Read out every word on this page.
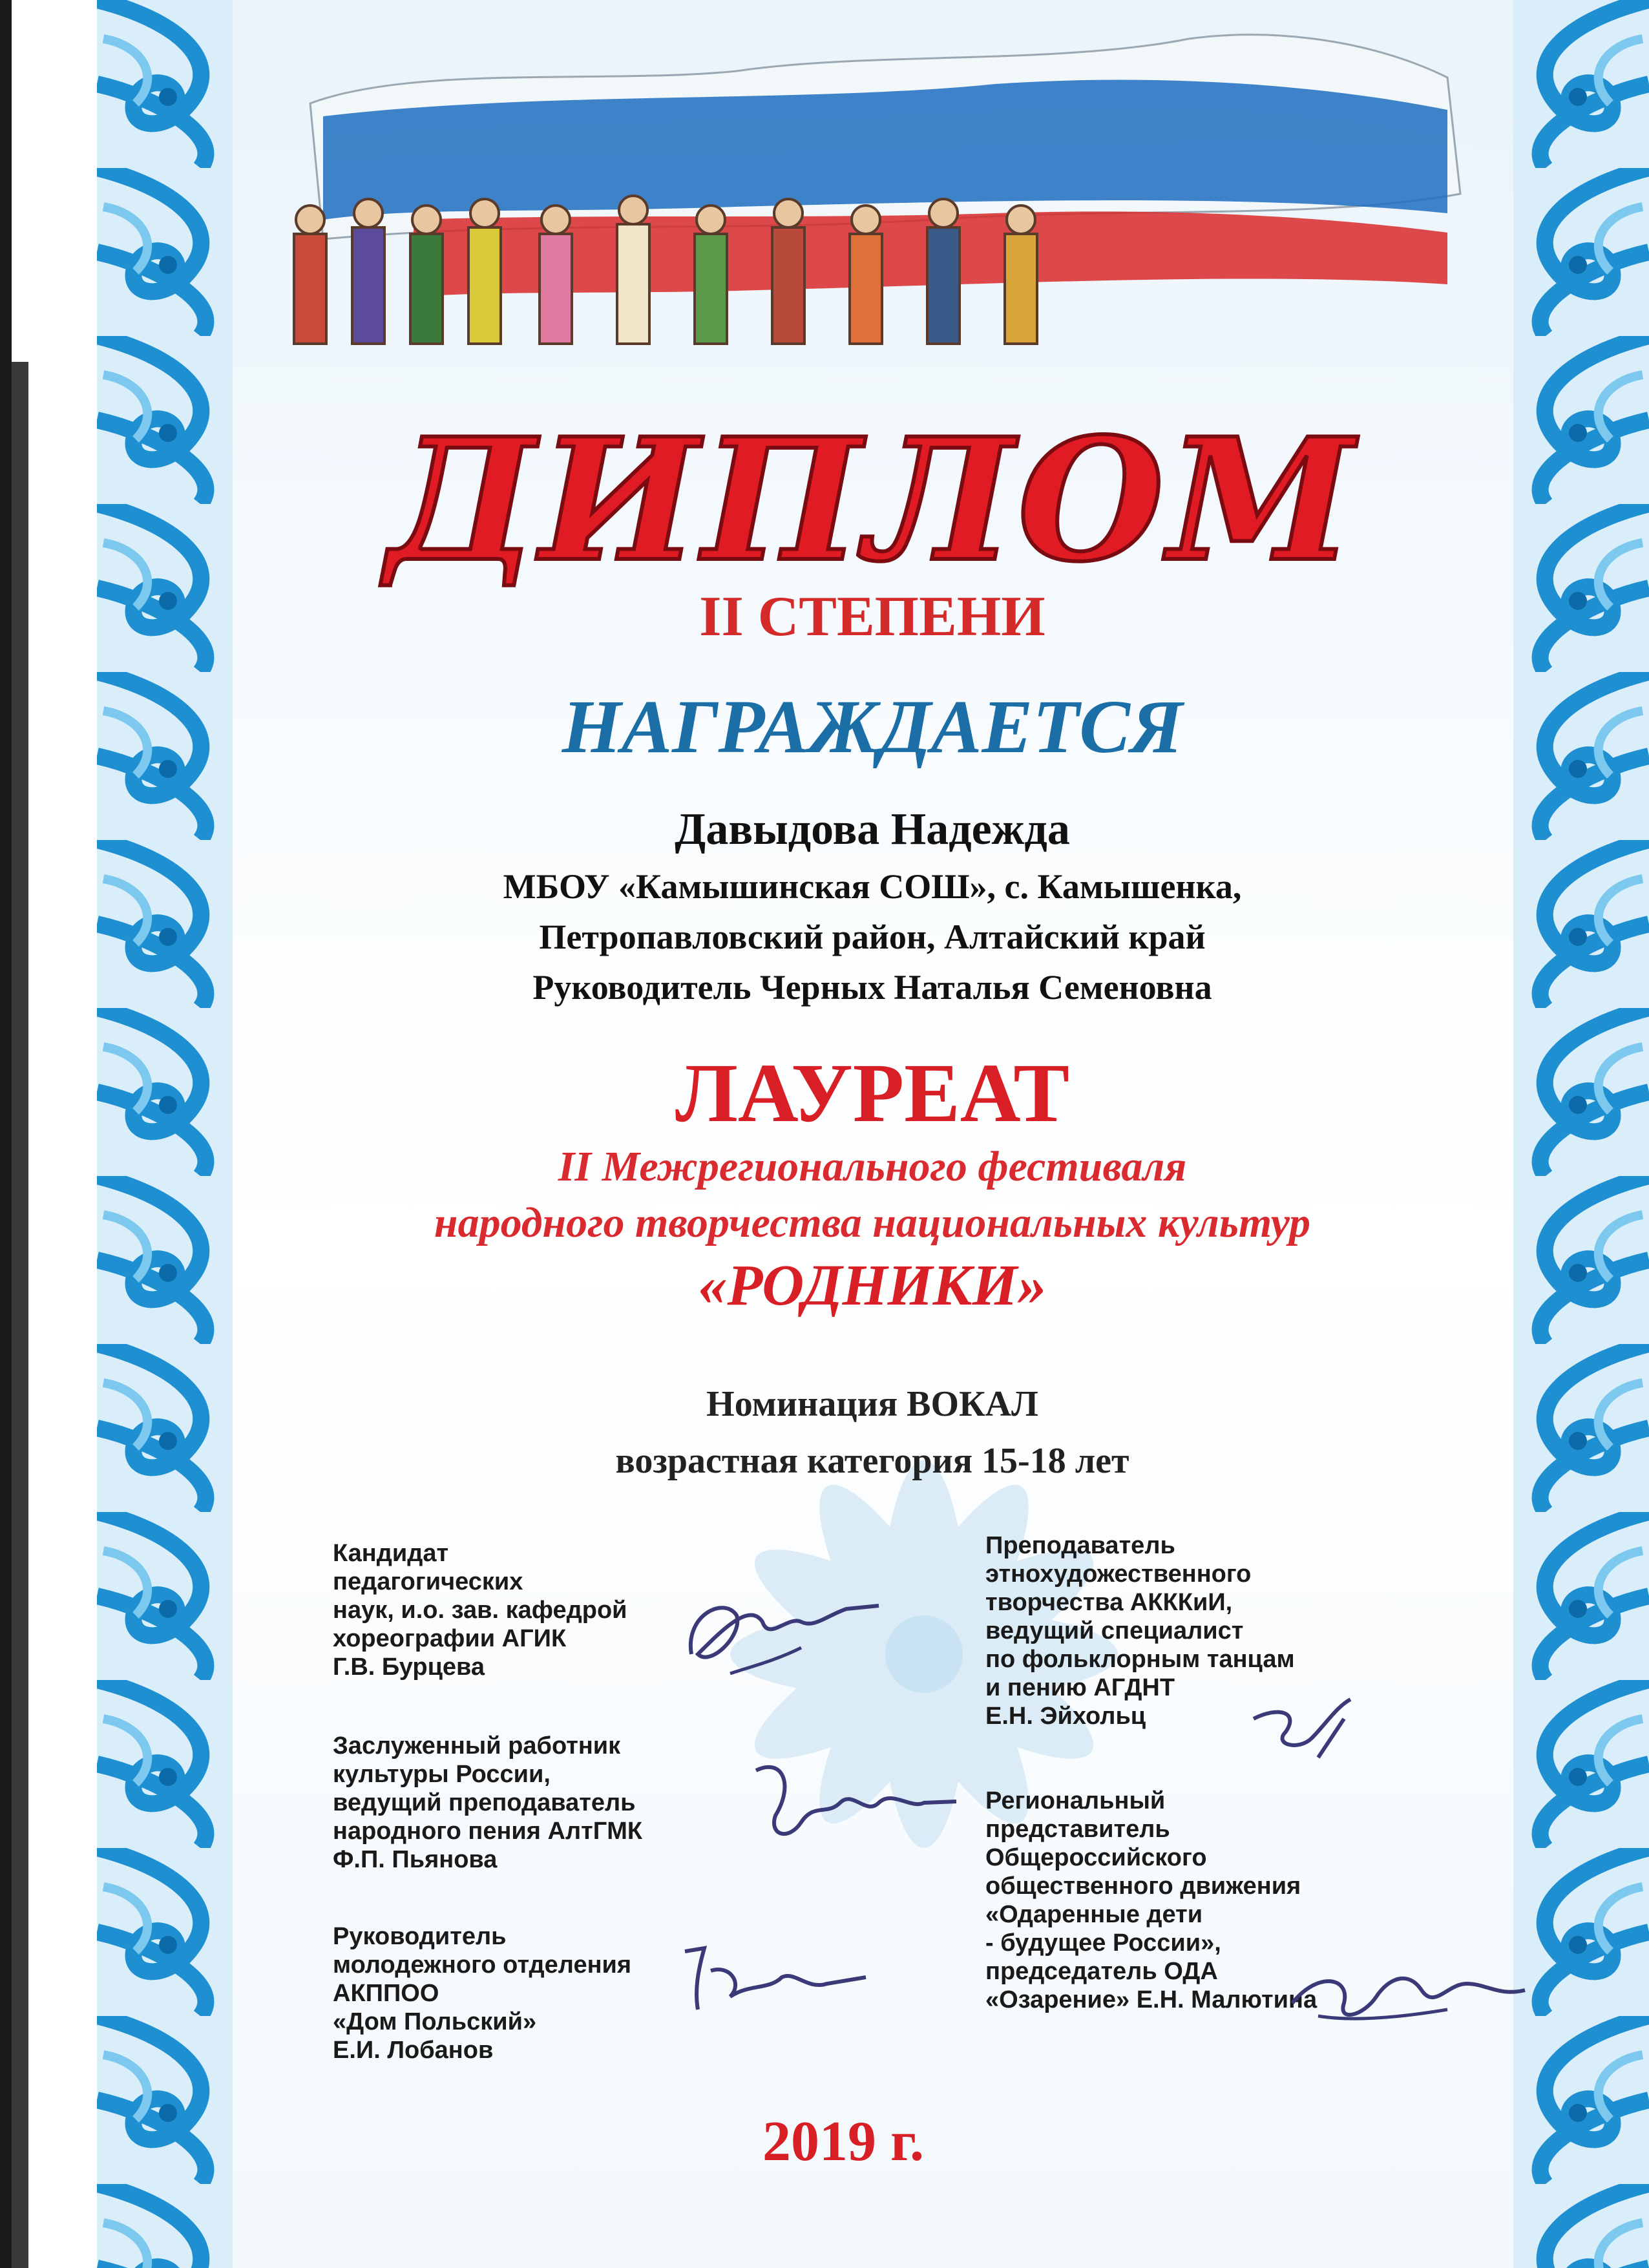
ДИПЛОМ
II СТЕПЕНИ
НАГРАЖДАЕТСЯ
Давыдова Надежда
МБОУ «Камышинская СОШ», с. Камышенка,
Петропавловский район, Алтайский край
Руководитель Черных Наталья Семеновна
ЛАУРЕАТ
II Межрегионального фестиваля
народного творчества национальных культур
«РОДНИКИ»
Номинация ВОКАЛ
возрастная категория 15-18 лет
Кандидат
педагогических
наук, и.о. зав. кафедрой
хореографии АГИК
Г.В. Бурцева
Заслуженный работник
культуры России,
ведущий преподаватель
народного пения АлтГМК
Ф.П. Пьянова
Руководитель
молодежного отделения
АКППОО
«Дом Польский»
Е.И. Лобанов
Преподаватель
этнохудожественного
творчества АКККиИ,
ведущий специалист
по фольклорным танцам
и пению АГДНТ
Е.Н. Эйхольц
Региональный
представитель
Общероссийского
общественного движения
«Одаренные дети
- будущее России»,
председатель ОДА
«Озарение» Е.Н. Малютина
2019 г.
